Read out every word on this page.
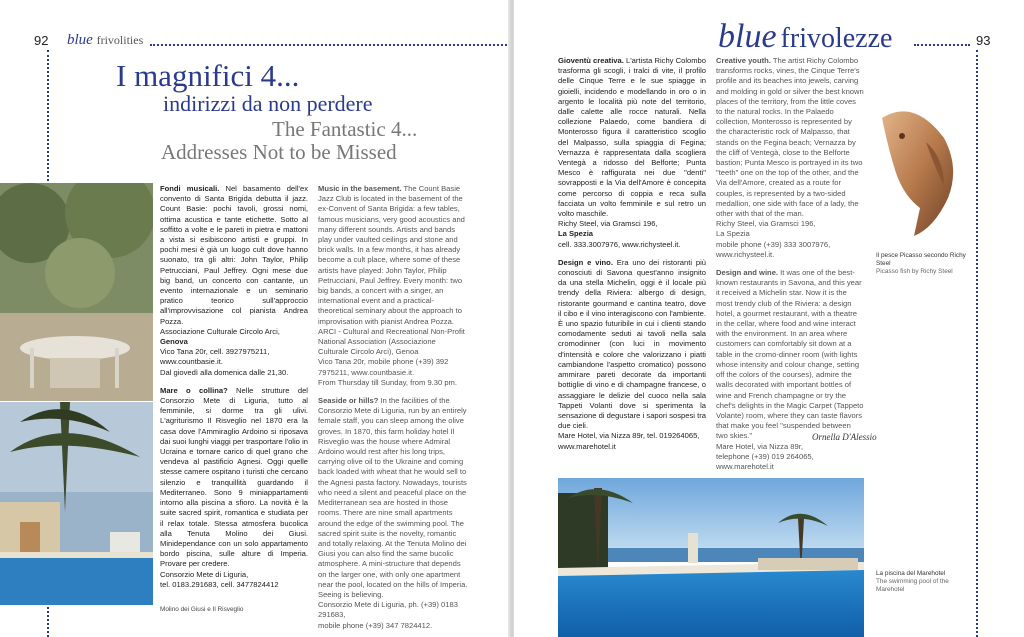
92 blue frivolities
I magnifici 4...
indirizzi da non perdere
The Fantastic 4...
Addresses Not to be Missed
Molino dei Giusi e Il Risveglio

Fondi musicali. Nel basamento dell'ex convento di Santa Brigida debutta il jazz. Count Basie: pochi tavoli, grossi nomi, ottima acustica e tante etichette. Sotto al soffitto a volte e le pareti in pietra e mattoni a vista si esibiscono artisti e gruppi. In pochi mesi è già un luogo cult dove hanno suonato, tra gli altri: John Taylor, Philip Petrucciani, Paul Jeffrey. Ogni mese due big band, un concerto con cantante, un evento internazionale e un seminario pratico teorico sull'approccio all'improvvisazione col pianista Andrea Pozza.
Associazione Culturale Circolo Arci,
Genova
Vico Tana 20r, cell. 3927975211,
www.countbasie.it.
Dal giovedì alla domenica dalle 21,30.

Mare o collina? Nelle strutture del Consorzio Mete di Liguria, tutto al femminile, si dorme tra gli ulivi. L'agriturismo Il Risveglio nel 1870 era la casa dove l'Ammiraglio Ardoino si riposava dai suoi lunghi viaggi per trasportare l'olio in Ucraina e tornare carico di quel grano che vendeva al pastificio Agnesi. Oggi quelle stesse camere ospitano i turisti che cercano silenzio e tranquillità guardando il Mediterraneo. Sono 9 miniappartamenti intorno alla piscina a sfioro. La novità è la suite sacred spirit, romantica e studiata per il relax totale. Stessa atmosfera bucolica alla Tenuta Molino dei Giusi. Minidependance con un solo appartamento bordo piscina, sulle alture di Imperia. Provare per credere.
Consorzio Mete di Liguria,
tel. 0183.291683, cell. 3477824412

Music in the basement. The Count Basie Jazz Club is located in the basement of the ex-Convent of Santa Brigida: a few tables, famous musicians, very good acoustics and many different sounds. Artists and bands play under vaulted ceilings and stone and brick walls. In a few months, it has already become a cult place, where some of these artists have played: John Taylor, Philip Petrucciani, Paul Jeffrey. Every month: two big bands, a concert with a singer, an international event and a practical-theoretical seminary about the approach to improvisation with pianist Andrea Pozza.
ARCI - Cultural and Recreational Non-Profit National Association (Associazione Culturale Circolo Arci), Genoa
Vico Tana 20r, mobile phone (+39) 392 7975211, www.countbasie.it.
From Thursday till Sunday, from 9.30 pm.

Seaside or hills? In the facilities of the Consorzio Mete di Liguria, run by an entirely female staff, you can sleep among the olive groves. In 1870, this farm holiday hotel Il Risveglio was the house where Admiral Ardoino would rest after his long trips, carrying olive oil to the Ukraine and coming back loaded with wheat that he would sell to the Agnesi pasta factory. Nowadays, tourists who need a silent and peaceful place on the Mediterranean sea are hosted in those rooms. There are nine small apartments around the edge of the swimming pool. The sacred spirit suite is the novelty, romantic and totally relaxing. At the Tenuta Molino dei Giusi you can also find the same bucolic atmosphere. A mini-structure that depends on the larger one, with only one apartment near the pool, located on the hills of Imperia. Seeing is believing.
Consorzio Mete di Liguria, ph. (+39) 0183 291683,
mobile phone (+39) 347 7824412.

blue frivolezze	93

Gioventù creativa. L'artista Richy Colombo trasforma gli scogli, i tralci di vite, il profilo delle Cinque Terre e le sue spiagge in gioielli, incidendo e modellando in oro o in argento le località più note del territorio, dalle calette alle rocce naturali. Nella collezione Palaedo, come bandiera di Monterosso figura il caratteristico scoglio del Malpasso, sulla spiaggia di Fegina; Vernazza è rappresentata dalla scogliera Ventegà a ridosso del Belforte; Punta Mesco è raffigurata nei due "denti" sovrapposti e la Via dell'Amore è concepita come percorso di coppia e reca sulla facciata un volto femminile e sul retro un volto maschile.
Richy Steel, via Gramsci 196,
La Spezia
cell. 333.3007976, www.richysteel.it.

Design e vino. Era uno dei ristoranti più conosciuti di Savona quest'anno insignito da una stella Michelin, oggi è il locale più trendy della Riviera: albergo di design, ristorante gourmand e cantina teatro, dove il cibo e il vino interagiscono con l'ambiente. È uno spazio futuribile in cui i clienti stando comodamente seduti ai tavoli nella sala cromodinner (con luci in movimento d'intensità e colore che valorizzano i piatti cambiandone l'aspetto cromatico) possono ammirare pareti decorate da importanti bottiglie di vino e di champagne francese, o assaggiare le delizie del cuoco nella sala Tappeti Volanti dove si sperimenta la sensazione di degustare i sapori sospesi tra due cieli.
Mare Hotel, via Nizza 89r, tel. 019264065,
www.marehotel.it

Creative youth. The artist Richy Colombo transforms rocks, vines, the Cinque Terre's profile and its beaches into jewels, carving and molding in gold or silver the best known places of the territory, from the little coves to the natural rocks. In the Palaedo collection, Monterosso is represented by the characteristic rock of Malpasso, that stands on the Fegina beach; Vernazza by the cliff of Ventegà, close to the Belforte bastion; Punta Mesco is portrayed in its two "teeth" one on the top of the other, and the Via dell'Amore, created as a route for couples, is represented by a two-sided medallion, one side with face of a lady, the other with that of the man.
Richy Steel, via Gramsci 196,
La Spezia
mobile phone (+39) 333 3007976, www.richysteel.it.

Design and wine. It was one of the best-known restaurants in Savona, and this year it received a Michelin star. Now it is the most trendy club of the Riviera: a design hotel, a gourmet restaurant, with a theatre in the cellar, where food and wine interact with the environment. In an area where customers can comfortably sit down at a table in the cromo-dinner room (with lights whose intensity and colour change, setting off the colors of the courses), admire the walls decorated with important bottles of wine and French champagne or try the chef's delights in the Magic Carpet (Tappeto Volante) room, where they can taste flavors that make you feel "suspended between two skies."
Mare Hotel, via Nizza 89r,
telephone (+39) 019 264065, www.marehotel.it

Ornella D'Alessio
Il pesce Picasso secondo Richy Steel
Picasso fish by Richy Steel
La piscina del Marehotel
The swimming pool of the Marehotel
